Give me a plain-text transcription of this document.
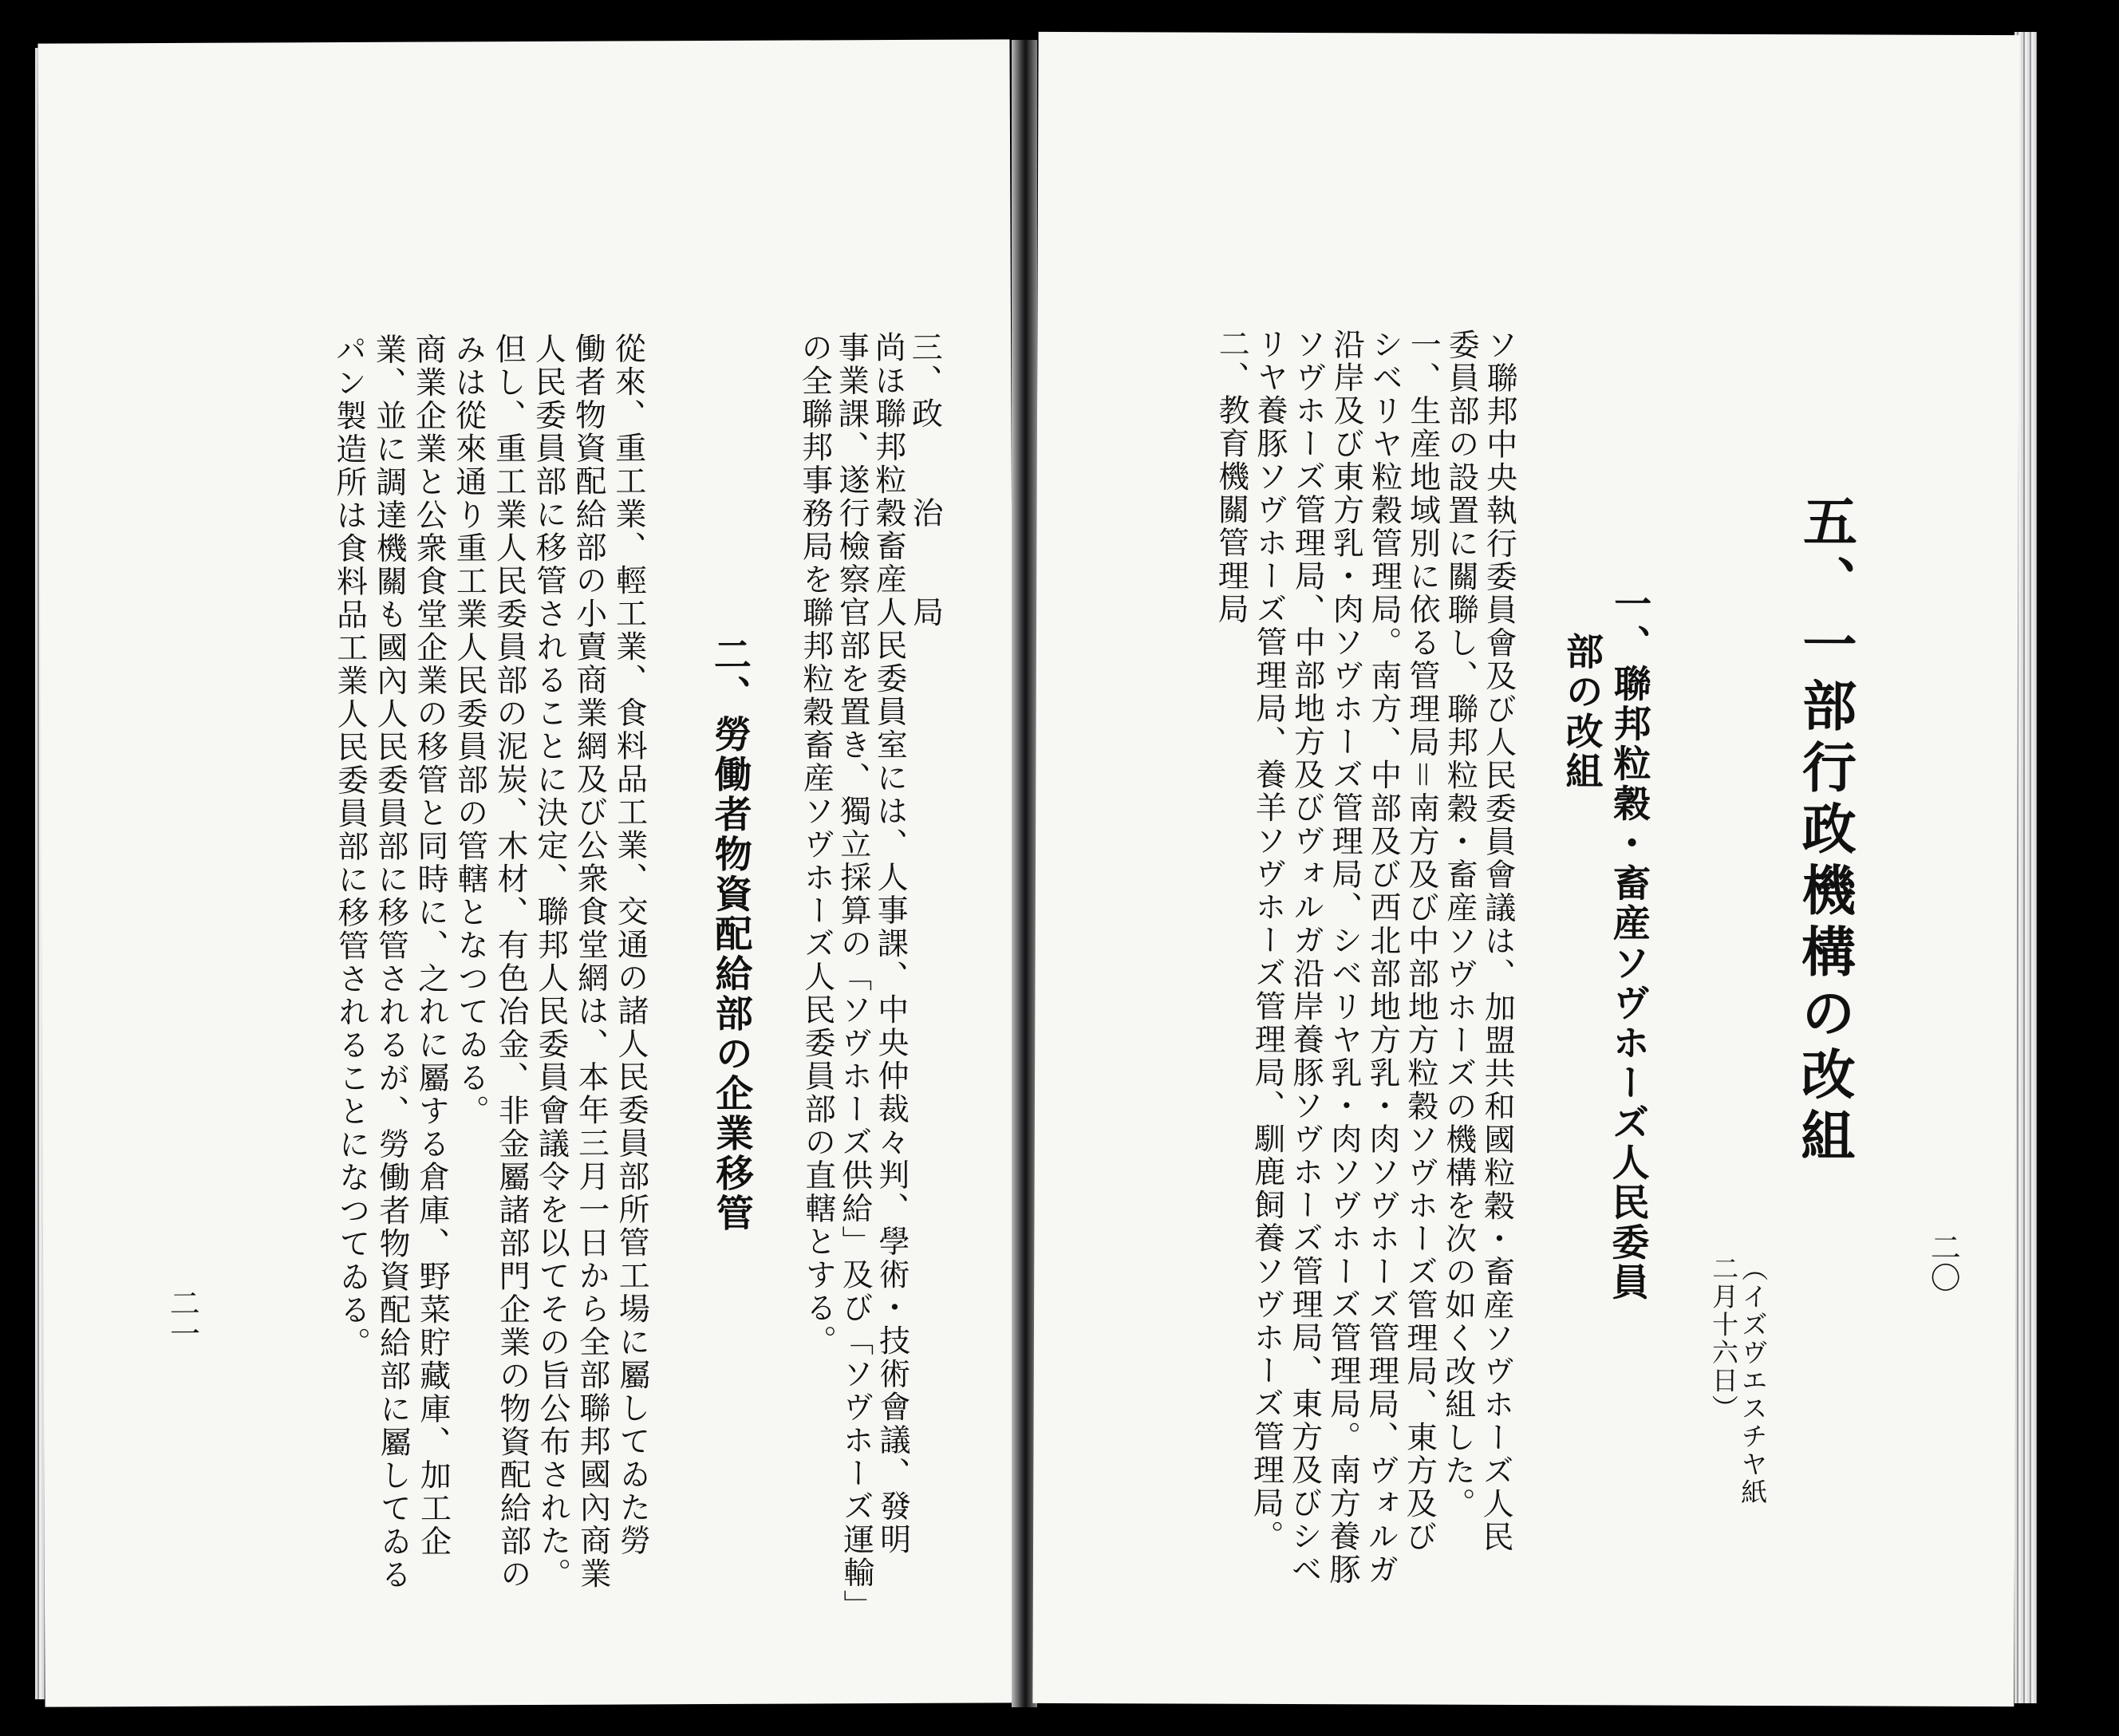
三、政　　治　　局
尚ほ聯邦粒穀畜産人民委員室には、人事課、中央仲裁々判、學術・技術會議、發明
事業課、遂行檢察官部を置き、獨立採算の「ソヴホーズ供給」及び「ソヴホーズ運輸」
の全聯邦事務局を聯邦粒穀畜産ソヴホーズ人民委員部の直轄とする。
二、勞働者物資配給部の企業移管
從來、重工業、輕工業、食料品工業、交通の諸人民委員部所管工場に屬してゐた勞
働者物資配給部の小賣商業網及び公衆食堂網は、本年三月一日から全部聯邦國內商業
人民委員部に移管されることに決定、聯邦人民委員會議令を以てその旨公布された。
但し、重工業人民委員部の泥炭、木材、有色冶金、非金屬諸部門企業の物資配給部の
みは從來通り重工業人民委員部の管轄となつてゐる。
商業企業と公衆食堂企業の移管と同時に、之れに屬する倉庫、野菜貯藏庫、加工企
業、並に調達機關も國內人民委員部に移管されるが、勞働者物資配給部に屬してゐる
パン製造所は食料品工業人民委員部に移管されることになつてゐる。
二一
二〇
五、一部行政機構の改組
（イズヴエスチヤ紙
二月十六日）
一、聯邦粒穀・畜産ソヴホーズ人民委員
部の改組
ソ聯邦中央執行委員會及び人民委員會議は、加盟共和國粒穀・畜産ソヴホーズ人民
委員部の設置に關聯し、聯邦粒穀・畜産ソヴホーズの機構を次の如く改組した。
一、生産地域別に依る管理局＝南方及び中部地方粒穀ソヴホーズ管理局、東方及び
シベリヤ粒穀管理局。南方、中部及び西北部地方乳・肉ソヴホーズ管理局、ヴォルガ
沿岸及び東方乳・肉ソヴホーズ管理局、シベリヤ乳・肉ソヴホーズ管理局。南方養豚
ソヴホーズ管理局、中部地方及びヴォルガ沿岸養豚ソヴホーズ管理局、東方及びシベ
リヤ養豚ソヴホーズ管理局、養羊ソヴホーズ管理局、馴鹿飼養ソヴホーズ管理局。
二、教育機關管理局
